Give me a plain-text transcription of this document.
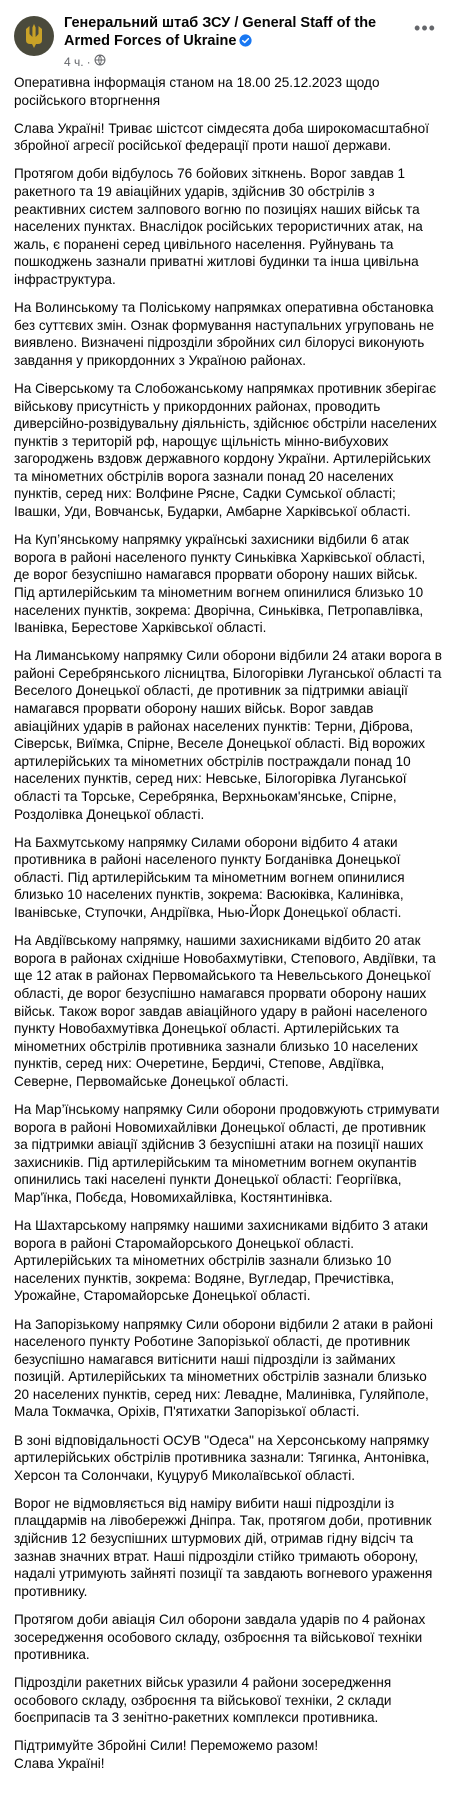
Генеральний штаб ЗСУ / General Staff of the Armed Forces of Ukraine
4 ч. ·
•••

Оперативна інформація станом на 18.00 25.12.2023 щодо російського вторгнення

Слава Україні! Триває шістсот сімдесята доба широкомасштабної збройної агресії російської федерації проти нашої держави.

Протягом доби відбулось 76 бойових зіткнень. Ворог завдав 1 ракетного та 19 авіаційних ударів, здійснив 30 обстрілів з реактивних систем залпового вогню по позиціях наших військ та населених пунктах. Внаслідок російських терористичних атак, на жаль, є поранені серед цивільного населення. Руйнувань та пошкоджень зазнали приватні житлові будинки та інша цивільна інфраструктура.

На Волинському та Поліському напрямках оперативна обстановка без суттєвих змін. Ознак формування наступальних угруповань не виявлено. Визначені підрозділи збройних сил білорусі виконують завдання у прикордонних з Україною районах.

На Сіверському та Слобожанському напрямках противник зберігає військову присутність у прикордонних районах, проводить диверсійно-розвідувальну діяльність, здійснює обстріли населених пунктів з територій рф, нарощує щільність мінно-вибухових загороджень вздовж державного кордону України. Артилерійських та мінометних обстрілів ворога зазнали понад 20 населених пунктів, серед них: Волфине Рясне, Садки Сумської області; Івашки, Уди, Вовчанськ, Бударки, Амбарне Харківської області.

На Куп’янському напрямку українські захисники відбили 6 атак ворога в районі населеного пункту Синьківка Харківської області, де ворог безуспішно намагався прорвати оборону наших військ. Під артилерійським та мінометним вогнем опинилися близько 10 населених пунктів, зокрема: Дворічна, Синьківка, Петропавлівка, Іванівка, Берестове Харківської області.

На Лиманському напрямку Сили оборони відбили 24 атаки ворога в районі Серебрянського лісництва, Білогорівки Луганської області та Веселого Донецької області, де противник за підтримки авіації намагався прорвати оборону наших військ. Ворог завдав авіаційних ударів в районах населених пунктів: Терни, Діброва, Сіверськ, Виїмка, Спірне, Веселе Донецької області. Від ворожих артилерійських та мінометних обстрілів постраждали понад 10 населених пунктів, серед них: Невське, Білогорівка Луганської області та Торське, Серебрянка, Верхньокам'янське, Спірне, Роздолівка Донецької області.

На Бахмутському напрямку Силами оборони відбито 4 атаки противника в районі населеного пункту Богданівка Донецької області. Під артилерійським та мінометним вогнем опинилися близько 10 населених пунктів, зокрема: Васюківка, Калинівка, Іванівське, Ступочки, Андріївка, Нью-Йорк Донецької області.

На Авдіївському напрямку, нашими захисниками відбито 20 атак ворога в районах східніше Новобахмутівки, Степового, Авдіївки, та ще 12 атак в районах Первомайського та Невельського Донецької області, де ворог безуспішно намагався прорвати оборону наших військ. Також ворог завдав авіаційного удару в районі населеного пункту Новобахмутівка Донецької області. Артилерійських та мінометних обстрілів противника зазнали близько 10 населених пунктів, серед них: Очеретине, Бердичі, Степове, Авдіївка, Северне, Первомайське Донецької області.

На Мар’їнському напрямку Сили оборони продовжують стримувати ворога в районі Новомихайлівки Донецької області, де противник за підтримки авіації здійснив 3 безуспішні атаки на позиції наших захисників. Під артилерійським та мінометним вогнем окупантів опинились такі населені пункти Донецької області: Георгіївка, Мар'їнка, Побєда, Новомихайлівка, Костянтинівка.

На Шахтарському напрямку нашими захисниками відбито 3 атаки ворога в районі Старомайорського Донецької області. Артилерійських та мінометних обстрілів зазнали близько 10 населених пунктів, зокрема: Водяне, Вугледар, Пречистівка, Урожайне, Старомайорське Донецької області.

На Запорізькому напрямку Сили оборони відбили 2 атаки в районі населеного пункту Роботине Запорізької області, де противник безуспішно намагався витіснити наші підрозділи із займаних позицій. Артилерійських та мінометних обстрілів зазнали близько 20 населених пунктів, серед них: Левадне, Малинівка, Гуляйполе, Мала Токмачка, Оріхів, П'ятихатки Запорізької області.

В зоні відповідальності ОСУВ "Одеса" на Херсонському напрямку артилерійських обстрілів противника зазнали: Тягинка, Антонівка, Херсон та Солончаки, Куцуруб Миколаївської області.

Ворог не відмовляється від наміру вибити наші підрозділи із плацдармів на лівобережжі Дніпра. Так, протягом доби, противник здійснив 12 безуспішних штурмових дій, отримав гідну відсіч та зазнав значних втрат. Наші підрозділи стійко тримають оборону, надалі утримують зайняті позиції та завдають вогневого ураження противнику.

Протягом доби авіація Сил оборони завдала ударів по 4 районах зосередження особового складу, озброєння та військової техніки противника.

Підрозділи ракетних військ уразили 4 райони зосередження особового складу, озброєння та військової техніки, 2 склади боєприпасів та 3 зенітно-ракетних комплекси противника.

Підтримуйте Збройні Сили! Переможемо разом!
Слава Україні!
